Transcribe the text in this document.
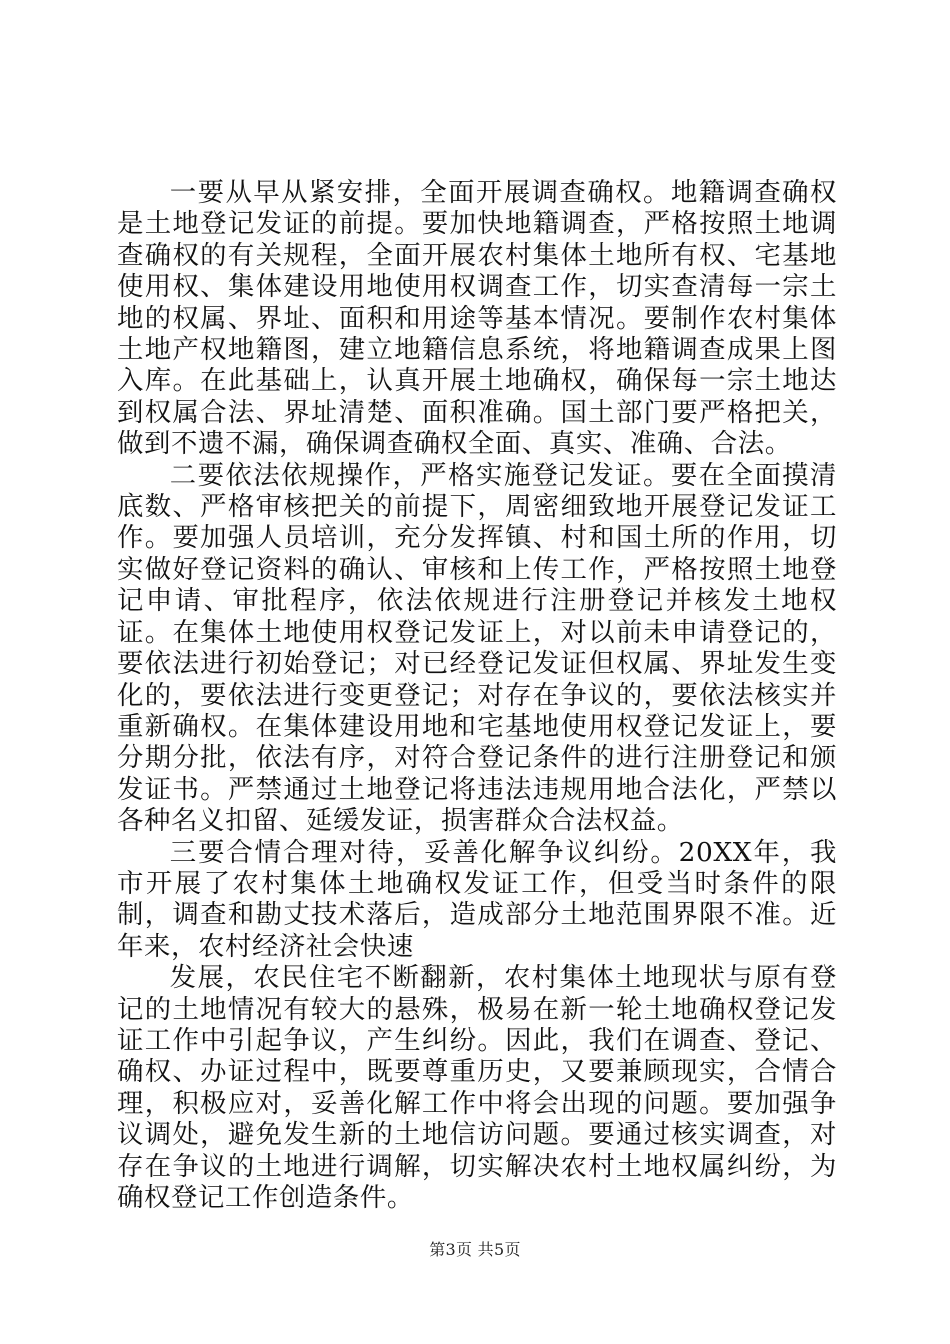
一要从早从紧安排，全面开展调查确权。地籍调查确权是土地登记发证的前提。要加快地籍调查，严格按照土地调查确权的有关规程，全面开展农村集体土地所有权、宅基地使用权、集体建设用地使用权调查工作，切实查清每一宗土地的权属、界址、面积和用途等基本情况。要制作农村集体土地产权地籍图，建立地籍信息系统，将地籍调查成果上图入库。在此基础上，认真开展土地确权，确保每一宗土地达到权属合法、界址清楚、面积准确。国土部门要严格把关，做到不遗不漏，确保调查确权全面、真实、准确、合法。

二要依法依规操作，严格实施登记发证。要在全面摸清底数、严格审核把关的前提下，周密细致地开展登记发证工作。要加强人员培训，充分发挥镇、村和国土所的作用，切实做好登记资料的确认、审核和上传工作，严格按照土地登记申请、审批程序，依法依规进行注册登记并核发土地权证。在集体土地使用权登记发证上，对以前未申请登记的，要依法进行初始登记；对已经登记发证但权属、界址发生变化的，要依法进行变更登记；对存在争议的，要依法核实并重新确权。在集体建设用地和宅基地使用权登记发证上，要分期分批，依法有序，对符合登记条件的进行注册登记和颁发证书。严禁通过土地登记将违法违规用地合法化，严禁以各种名义扣留、延缓发证，损害群众合法权益。

三要合情合理对待，妥善化解争议纠纷。20XX年，我市开展了农村集体土地确权发证工作，但受当时条件的限制，调查和勘丈技术落后，造成部分土地范围界限不准。近年来，农村经济社会快速

发展，农民住宅不断翻新，农村集体土地现状与原有登记的土地情况有较大的悬殊，极易在新一轮土地确权登记发证工作中引起争议，产生纠纷。因此，我们在调查、登记、确权、办证过程中，既要尊重历史，又要兼顾现实，合情合理，积极应对，妥善化解工作中将会出现的问题。要加强争议调处，避免发生新的土地信访问题。要通过核实调查，对存在争议的土地进行调解，切实解决农村土地权属纠纷，为确权登记工作创造条件。

第3页 共5页
